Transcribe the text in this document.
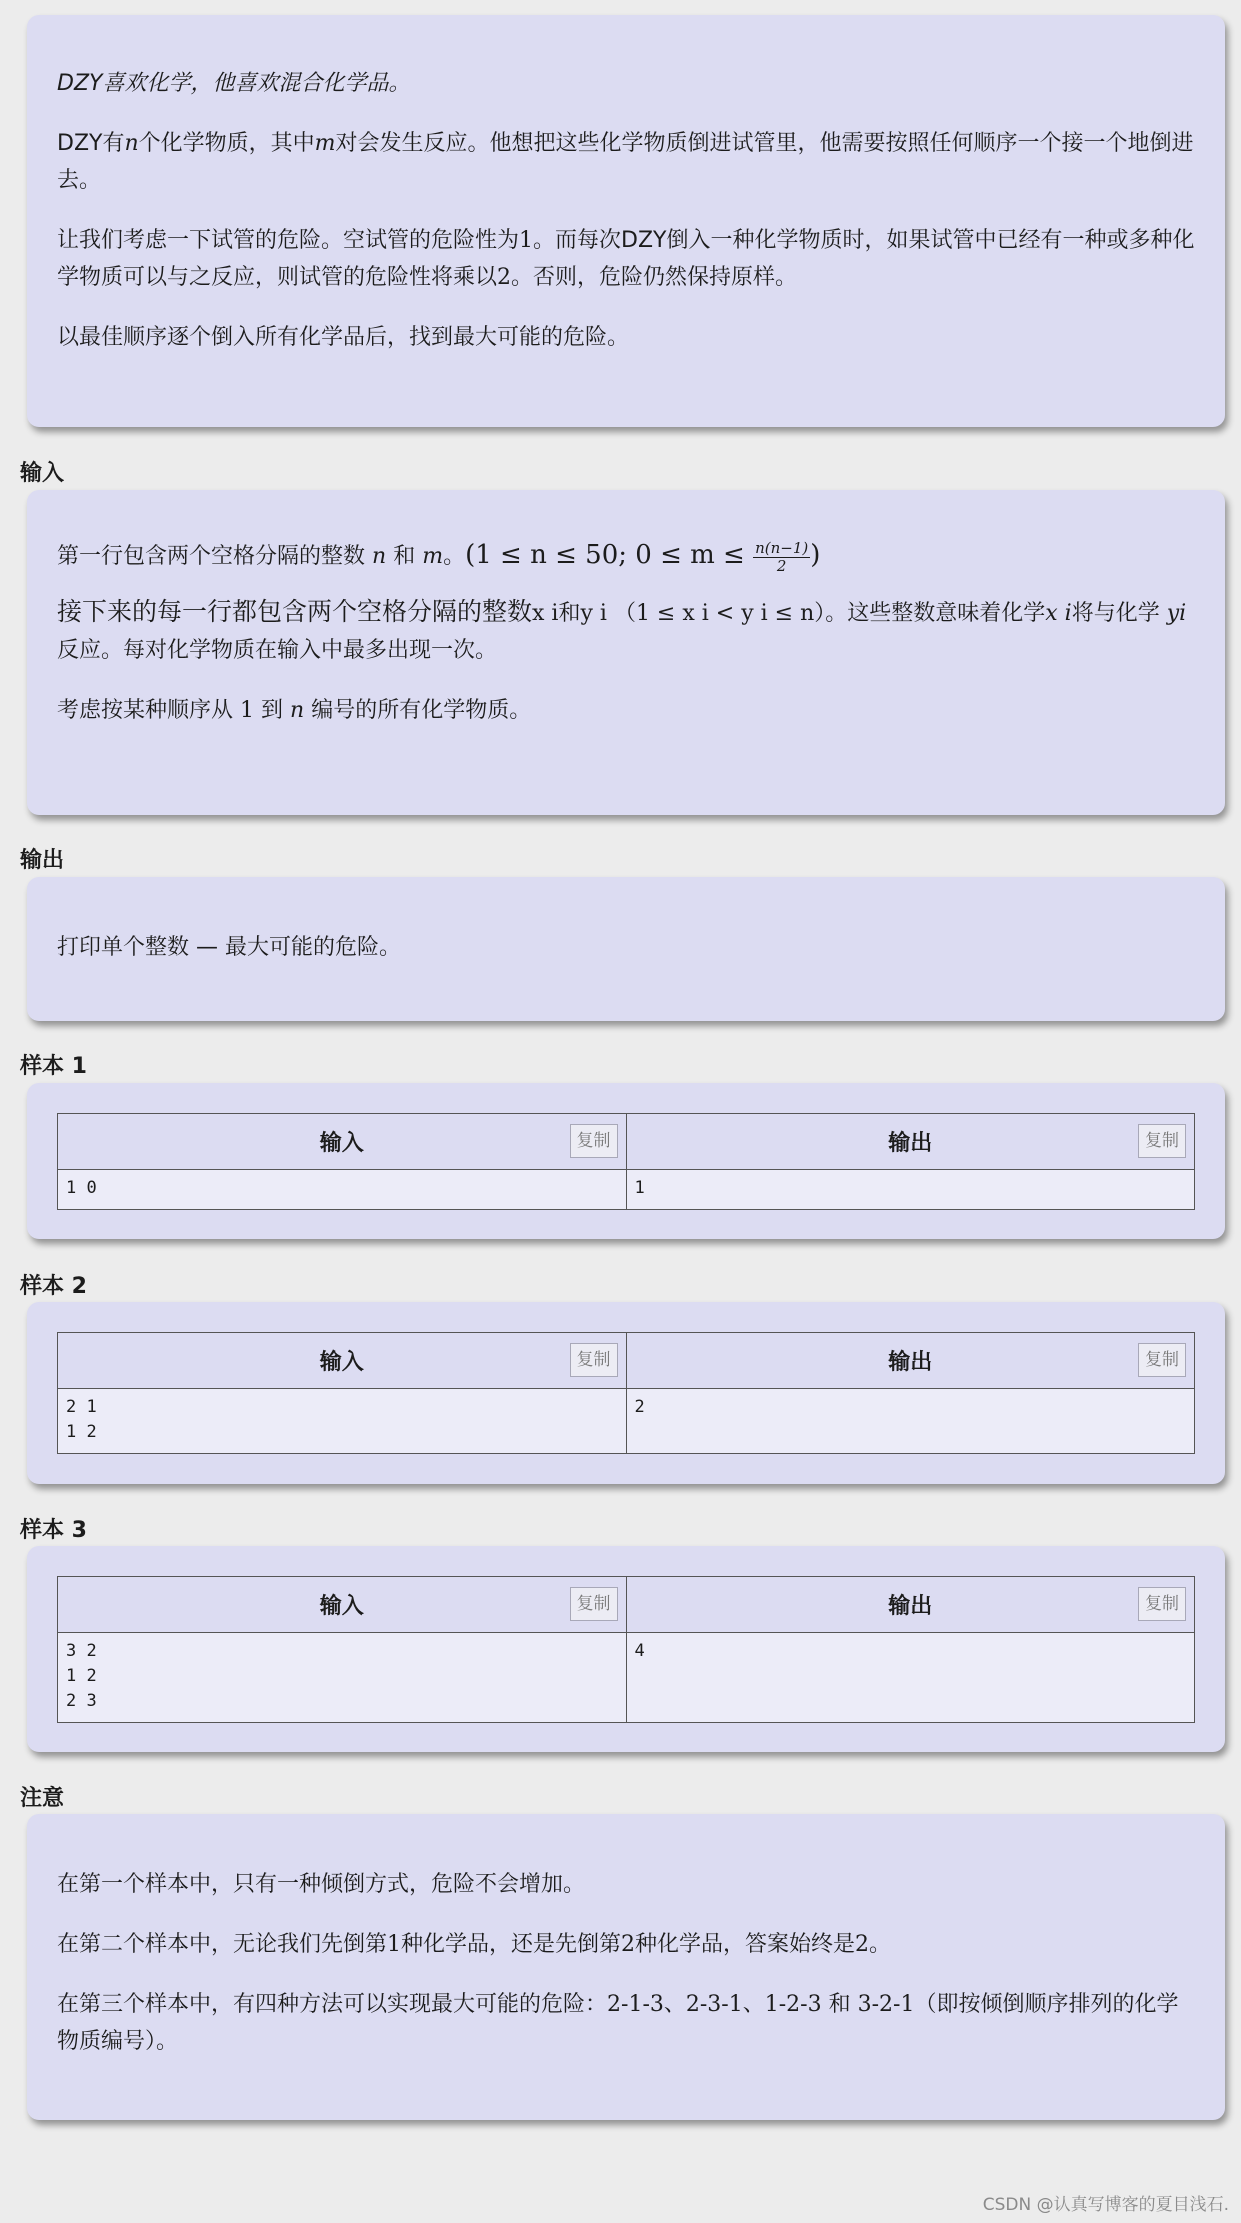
DZY喜欢化学，他喜欢混合化学品。

DZY有n个化学物质，其中m对会发生反应。他想把这些化学物质倒进试管里，他需要按照任何顺序一个接一个地倒进去。

让我们考虑一下试管的危险。空试管的危险性为1。而每次DZY倒入一种化学物质时，如果试管中已经有一种或多种化学物质可以与之反应，则试管的危险性将乘以2。否则，危险仍然保持原样。

以最佳顺序逐个倒入所有化学品后，找到最大可能的危险。

输入

第一行包含两个空格分隔的整数 n 和 m。(1 ≤ n ≤ 50; $0 \le m \le \frac{n(n-1)}{2}$ )

接下来的每一行都包含两个空格分隔的整数x i和y i （1 ≤ x i < y i ≤ n）。这些整数意味着化学x i将与化学 yi 反应。每对化学物质在输入中最多出现一次。

考虑按某种顺序从 1 到 n 编号的所有化学物质。

输出

打印单个整数 — 最大可能的危险。

样本 1
输入 复制	输出 复制

1 0	1
样本 2
输入 复制	输出 复制

2 1
1 2	2
样本 3
输入 复制	输出 复制

3 2
1 2
2 3	4
注意

在第一个样本中，只有一种倾倒方式，危险不会增加。

在第二个样本中，无论我们先倒第1种化学品，还是先倒第2种化学品，答案始终是2。

在第三个样本中，有四种方法可以实现最大可能的危险：2-1-3、2-3-1、1-2-3 和 3-2-1（即按倾倒顺序排列的化学物质编号）。

CSDN @认真写博客的夏目浅石.
